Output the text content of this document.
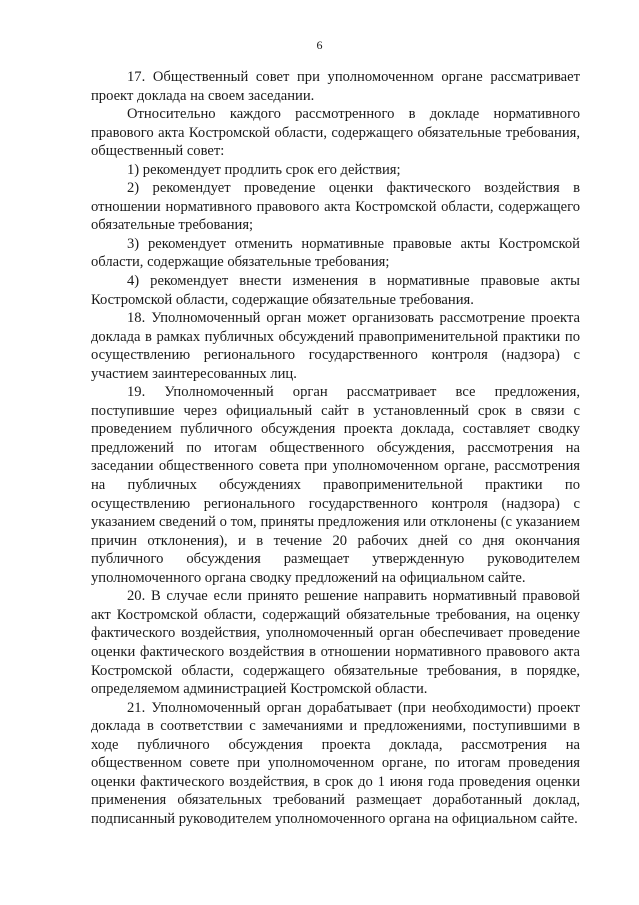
6

17. Общественный совет при уполномоченном органе рассматривает проект доклада на своем заседании.

Относительно каждого рассмотренного в докладе нормативного правового акта Костромской области, содержащего обязательные требования, общественный совет:

1) рекомендует продлить срок его действия;

2) рекомендует проведение оценки фактического воздействия в отношении нормативного правового акта Костромской области, содержащего обязательные требования;

3) рекомендует отменить нормативные правовые акты Костромской области, содержащие обязательные требования;

4) рекомендует внести изменения в нормативные правовые акты Костромской области, содержащие обязательные требования.

18. Уполномоченный орган может организовать рассмотрение проекта доклада в рамках публичных обсуждений правоприменительной практики по осуществлению регионального государственного контроля (надзора) с участием заинтересованных лиц.

19. Уполномоченный орган рассматривает все предложения, поступившие через официальный сайт в установленный срок в связи с проведением публичного обсуждения проекта доклада, составляет сводку предложений по итогам общественного обсуждения, рассмотрения на заседании общественного совета при уполномоченном органе, рассмотрения на публичных обсуждениях правоприменительной практики по осуществлению регионального государственного контроля (надзора) с указанием сведений о том, приняты предложения или отклонены (с указанием причин отклонения), и в течение 20 рабочих дней со дня окончания публичного обсуждения размещает утвержденную руководителем уполномоченного органа сводку предложений на официальном сайте.

20. В случае если принято решение направить нормативный правовой акт Костромской области, содержащий обязательные требования, на оценку фактического воздействия, уполномоченный орган обеспечивает проведение оценки фактического воздействия в отношении нормативного правового акта Костромской области, содержащего обязательные требования, в порядке, определяемом администрацией Костромской области.

21. Уполномоченный орган дорабатывает (при необходимости) проект доклада в соответствии с замечаниями и предложениями, поступившими в ходе публичного обсуждения проекта доклада, рассмотрения на общественном совете при уполномоченном органе, по итогам проведения оценки фактического воздействия, в срок до 1 июня года проведения оценки применения обязательных требований размещает доработанный доклад, подписанный руководителем уполномоченного органа на официальном сайте.
